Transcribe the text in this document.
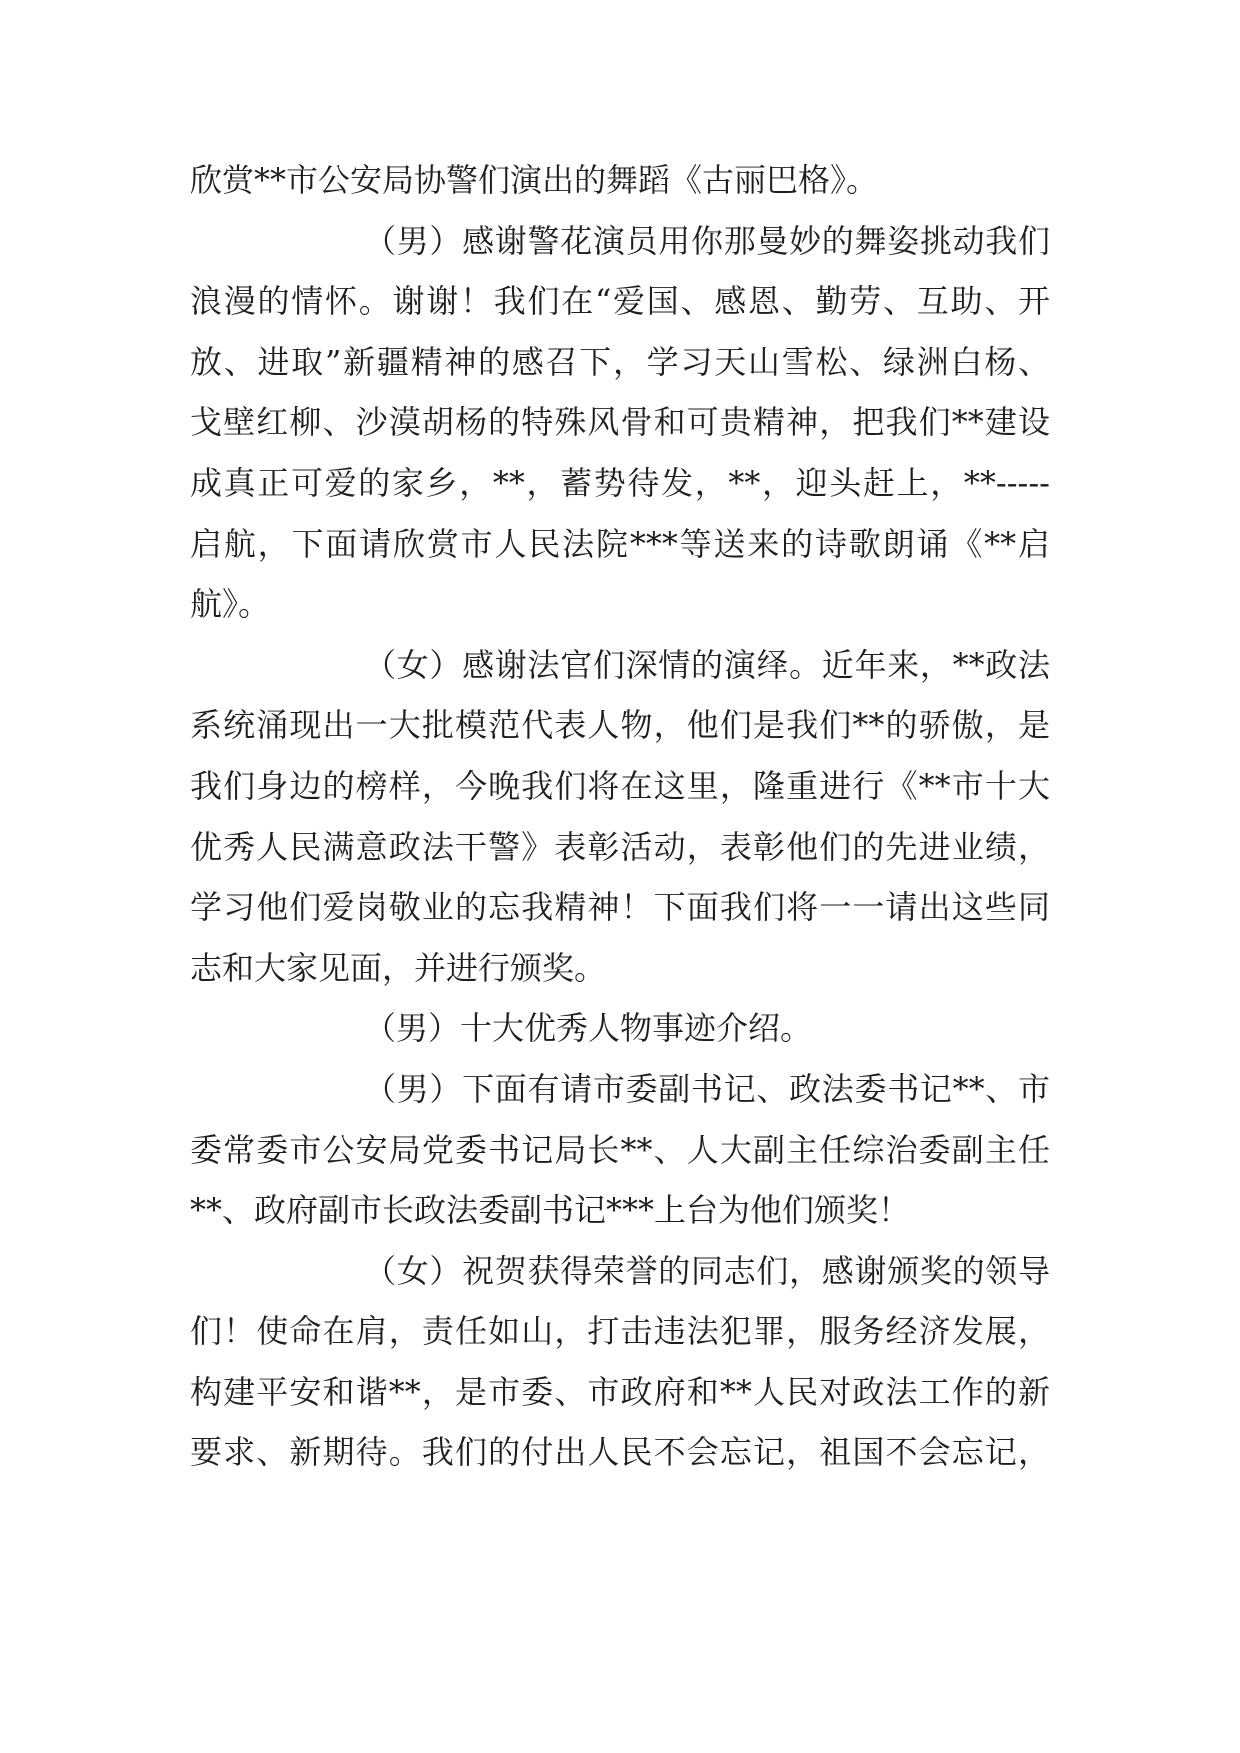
欣赏**市公安局协警们演出的舞蹈《古丽巴格》。
（男）感谢警花演员用你那曼妙的舞姿挑动我们
浪漫的情怀。谢谢！我们在“爱国、感恩、勤劳、互助、开
放、进取”新疆精神的感召下，学习天山雪松、绿洲白杨、
戈壁红柳、沙漠胡杨的特殊风骨和可贵精神，把我们**建设
成真正可爱的家乡，**，蓄势待发，**，迎头赶上，**-----
启航，下面请欣赏市人民法院***等送来的诗歌朗诵《**启
航》。
（女）感谢法官们深情的演绎。近年来，**政法
系统涌现出一大批模范代表人物，他们是我们**的骄傲，是
我们身边的榜样，今晚我们将在这里，隆重进行《**市十大
优秀人民满意政法干警》表彰活动，表彰他们的先进业绩，
学习他们爱岗敬业的忘我精神！下面我们将一一请出这些同
志和大家见面，并进行颁奖。
（男）十大优秀人物事迹介绍。
（男）下面有请市委副书记、政法委书记**、市
委常委市公安局党委书记局长**、人大副主任综治委副主任
**、政府副市长政法委副书记***上台为他们颁奖！
（女）祝贺获得荣誉的同志们，感谢颁奖的领导
们！使命在肩，责任如山，打击违法犯罪，服务经济发展，
构建平安和谐**，是市委、市政府和**人民对政法工作的新
要求、新期待。我们的付出人民不会忘记，祖国不会忘记，
